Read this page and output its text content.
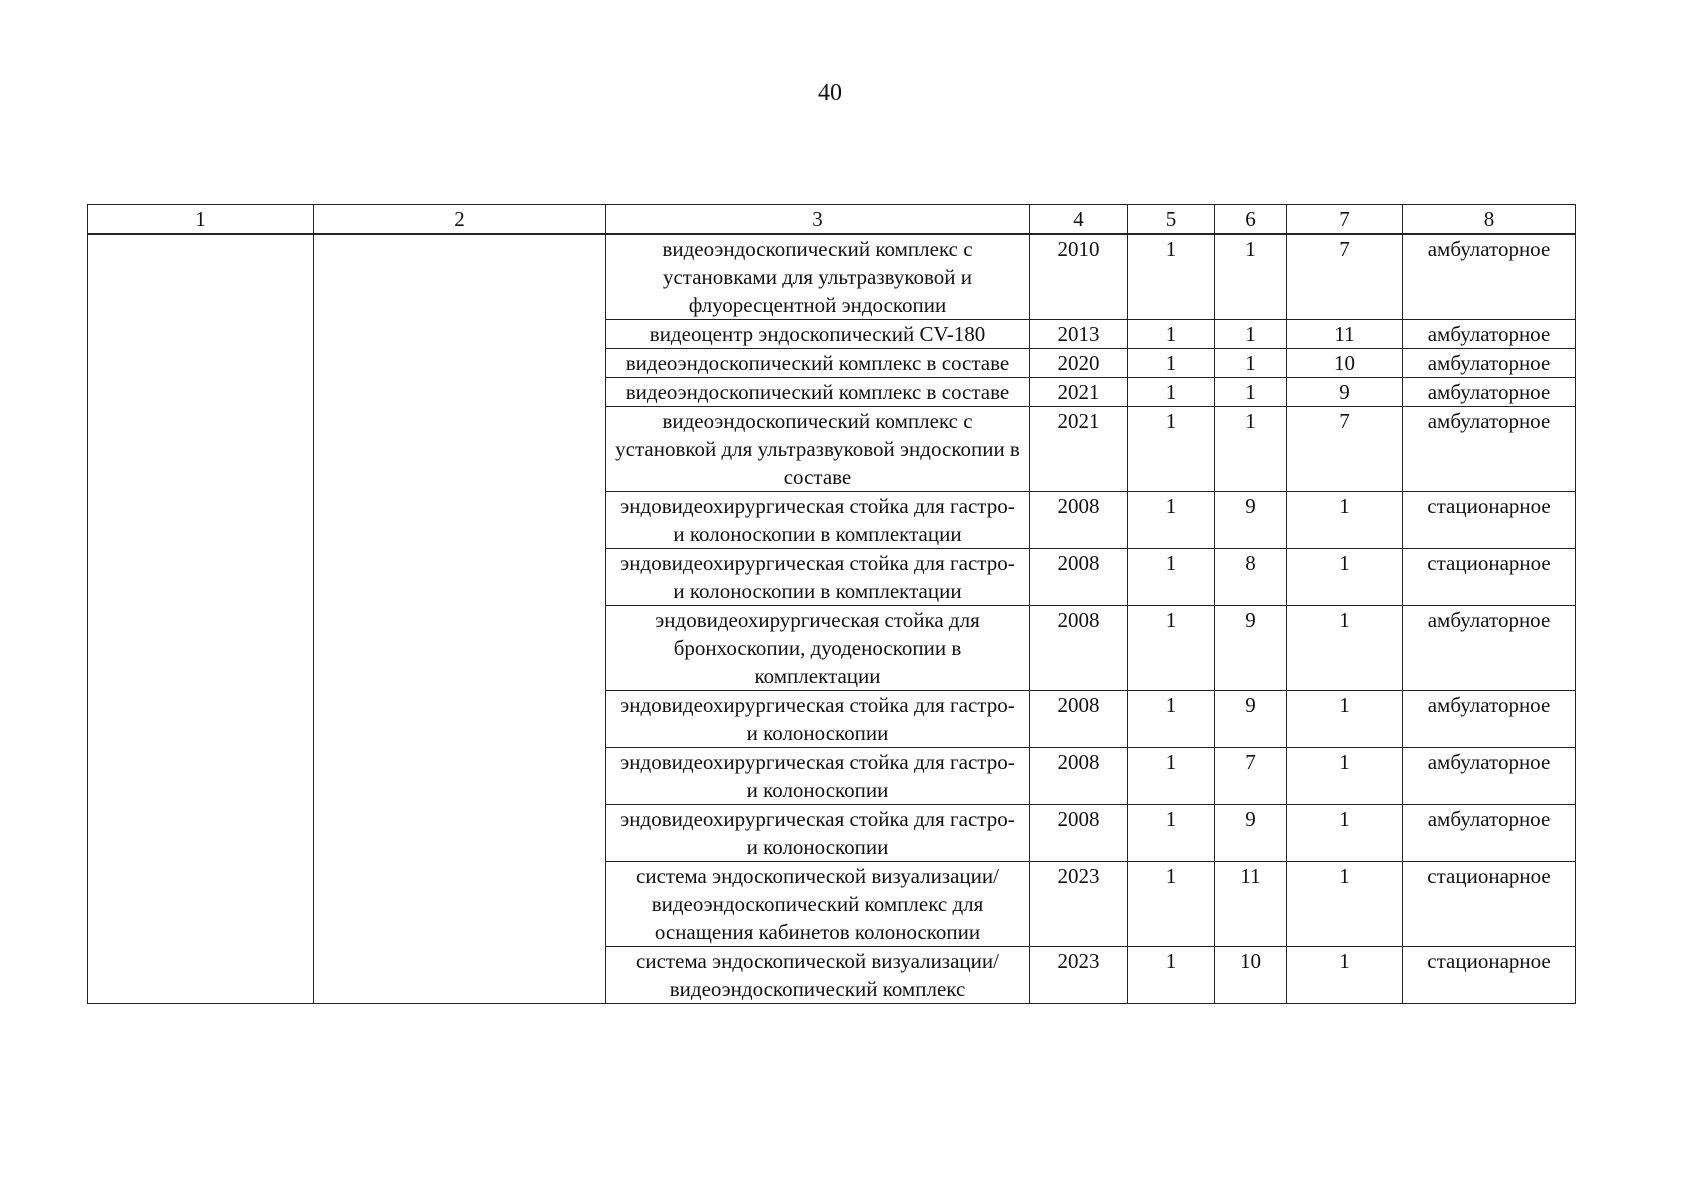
40
1	2	3	4	5	6	7	8
		видеоэндоскопический комплекс с установками для ультразвуковой и флуоресцентной эндоскопии	2010	1	1	7	амбулаторное
		видеоцентр эндоскопический CV-180	2013	1	1	11	амбулаторное
		видеоэндоскопический комплекс в составе	2020	1	1	10	амбулаторное
		видеоэндоскопический комплекс в составе	2021	1	1	9	амбулаторное
		видеоэндоскопический комплекс с установкой для ультразвуковой эндоскопии в составе	2021	1	1	7	амбулаторное
		эндовидеохирургическая стойка для гастро- и колоноскопии в комплектации	2008	1	9	1	стационарное
		эндовидеохирургическая стойка для гастро- и колоноскопии в комплектации	2008	1	8	1	стационарное
		эндовидеохирургическая стойка для бронхоскопии, дуоденоскопии в комплектации	2008	1	9	1	амбулаторное
		эндовидеохирургическая стойка для гастро- и колоноскопии	2008	1	9	1	амбулаторное
		эндовидеохирургическая стойка для гастро- и колоноскопии	2008	1	7	1	амбулаторное
		эндовидеохирургическая стойка для гастро- и колоноскопии	2008	1	9	1	амбулаторное
		система эндоскопической визуализации/ видеоэндоскопический комплекс для оснащения кабинетов колоноскопии	2023	1	11	1	стационарное
		система эндоскопической визуализации/ видеоэндоскопический комплекс	2023	1	10	1	стационарное
